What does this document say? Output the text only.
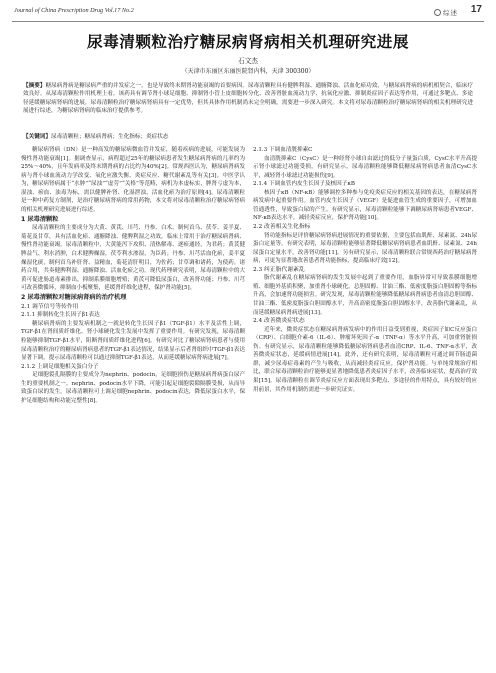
Journal of China Prescription Drug Vol.17 No.2	综述 17
尿毒清颗粒治疗糖尿病肾病相关机理研究进展
石文杰
（天津市东丽区东丽医院肾内科，天津 300300）
【摘要】糖尿病肾病是糖尿病严重的并发症之一，也是导致终末期肾功能衰竭的首要病因。尿毒清颗粒具有健脾利湿、通腑降浊、活血化瘀功效，与糖尿病肾病的病机相契合，临床疗效良好。从尿毒清颗粒作用机理上看，该药具有调节肾小球足细胞、抑制肾小管上皮细胞转分化、改善肾脏血流动力学、抗氧化应激、抑制炎症因子表达等作用，可通过多靶点、多途径延缓糖尿病肾病的进展。尿毒清颗粒治疗糖尿病肾病具有一定优势，但其具体作用机制尚未完全明确，需要进一步深入研究。本文将对尿毒清颗粒治疗糖尿病肾病的相关机理研究进展进行综述，为糖尿病肾病的临床治疗提供参考。
【关键词】尿毒清颗粒；糖尿病肾病；生化指标；炎症状态

糖尿病肾病（DN）是一种高发的糖尿病微血管并发症，随着疾病的进展，可能发展为慢性肾功能衰竭[1]。据调查显示，病程超过25年的糖尿病患者发生糖尿病肾病的几率约为25%～40%，且年发病率及终末期肾病的占比约为40%[2]。常规西医认为，糖尿病肾病发病与肾小球血流动力学改变、氧化应激失衡、炎症反应、糖代谢紊乱等有关[3]。中医学认为，糖尿病肾病属于“水肿”“尿浊”“虚劳”“关格”等范畴，病机为本虚标实，脾肾亏虚为本，湿浊、瘀血、浊毒为标，需以健脾补肾、化湿泄浊、活血化瘀为治疗原则[4]。尿毒清颗粒是一种中药复方制剂，是治疗糖尿病肾病的常用药物，本文将对尿毒清颗粒治疗糖尿病肾病的相关机理研究进展进行综述。

1 尿毒清颗粒

尿毒清颗粒的主要成分为大黄、黄芪、川芎、丹参、白术、制何首乌、茯苓、姜半夏、菊花及甘草，具有活血化瘀、通腑降浊、健脾利湿之功效，临床上常用于治疗糖尿病肾病、慢性肾功能衰竭。尿毒清颗粒中，大黄能泻下攻积、清热解毒、逐瘀通经，为君药；黄芪健脾益气、利水消肿，白术健脾燥湿，茯苓利水渗湿，为臣药；丹参、川芎活血化瘀，姜半夏燥湿化痰，制何首乌补肝肾、益精血，菊花清肝明目，为佐药；甘草调和诸药，为使药。诸药合用，共奏健脾利湿、通腑降浊、活血化瘀之功。现代药理研究表明，尿毒清颗粒中的大黄可促进肠道毒素排出，抑制系膜细胞增殖；黄芪可降低尿蛋白，改善肾功能；丹参、川芎可改善微循环，抑制血小板聚集，延缓肾纤维化进程，保护肾功能[5]。

2 尿毒清颗粒对糖尿病肾病的治疗机理
2.1 调节信号等传作用
2.1.1 抑制转化生长因子β1表达

糖尿病肾病的主要发病机制之一就是转化生长因子β1（TGF-β1）水平及活性上调，TGF-β1在肾间质纤维化、肾小球硬化发生发展中发挥了重要作用。有研究发现，尿毒清颗粒能够抑制TGF-β1水平，阻断肾间质纤维化进程[6]。有研究对比了糖尿病肾病患者与使用尿毒清颗粒治疗的糖尿病肾病患者的TGF-β1表达情况，结果显示后者肾组织中TGF-β1表达显著下调，提示尿毒清颗粒可以通过抑制TGF-β1表达，从而延缓糖尿病肾病进展[7]。

2.1.2 上调足细胞相关蛋白分子

足细胞裂孔隔膜的主要成分为nephrin、podocin，足细胞损伤是糖尿病肾病蛋白尿产生的重要机制之一。nephrin、podocin水平下降，可能引起足细胞裂隙隔膜受损，从而导致蛋白尿的发生。尿毒清颗粒可上调足细胞nephrin、podocin表达，降低尿蛋白水平，保护足细胞结构和功能完整性[8]。

2.1.3 下调血清胱抑素C

血清胱抑素C（CysC）是一种经肾小球自由滤过的低分子量蛋白质，CysC水平升高提示肾小球滤过功能受损。有研究显示，尿毒清颗粒能够降低糖尿病肾病患者血清CysC水平，减轻肾小球滤过功能损伤[9]。

2.1.4 下调血管内皮生长因子及核因子κB

核因子κB（NF-κB）能够调控多种参与免疫炎症反应的相关基因的表达，在糖尿病肾病发病中起重要作用。血管内皮生长因子（VEGF）是促进血管生成的重要因子，可增加血管通透性，导致蛋白尿的产生。有研究显示，尿毒清颗粒能够下调糖尿病肾病患者VEGF、NF-κB表达水平，减轻炎症反应，保护肾功能[10]。

2.2 改善相关生化指标

肾功能指标是评价糖尿病肾病进展情况的重要依据，主要包括血肌酐、尿素氮、24h尿蛋白定量等。有研究表明，尿毒清颗粒能够显著降低糖尿病肾病患者血肌酐、尿素氮、24h尿蛋白定量水平，改善肾功能[11]。另有研究显示，尿毒清颗粒联合常规西药治疗糖尿病肾病，可更为显著地改善患者肾功能指标，提高临床疗效[12]。

2.3 纠正脂代谢紊乱

脂代谢紊乱在糖尿病肾病的发生发展中起到了重要作用，血脂异常可导致系膜细胞增殖、细胞外基质积聚，加重肾小球硬化。总胆固醇、甘油三酯、低密度脂蛋白胆固醇等指标升高，会加速肾功能损害。研究发现，尿毒清颗粒能够降低糖尿病肾病患者血清总胆固醇、甘油三酯、低密度脂蛋白胆固醇水平，升高高密度脂蛋白胆固醇水平，改善脂代谢紊乱，从而延缓糖尿病肾病进展[13]。

2.4 改善微炎症状态

近年来，微炎症状态在糖尿病肾病发病中的作用日益受到重视，炎症因子如C反应蛋白（CRP）、白细胞介素-6（IL-6）、肿瘤坏死因子-α（TNF-α）等水平升高，可加重肾脏损伤。有研究显示，尿毒清颗粒能够降低糖尿病肾病患者血清CRP、IL-6、TNF-α水平，改善微炎症状态，延缓病情进展[14]。此外，还有研究表明，尿毒清颗粒可通过调节肠道菌群，减少尿毒症毒素的产生与吸收，从而减轻炎症反应，保护肾功能。与单纯常规治疗相比，联合尿毒清颗粒治疗能够更显著地降低患者炎症因子水平，改善临床症状，提高治疗效果[15]。尿毒清颗粒在调节炎症反应方面表现出多靶点、多途径的作用特点，具有较好的应用前景，其作用机制仍需进一步研究证实。
